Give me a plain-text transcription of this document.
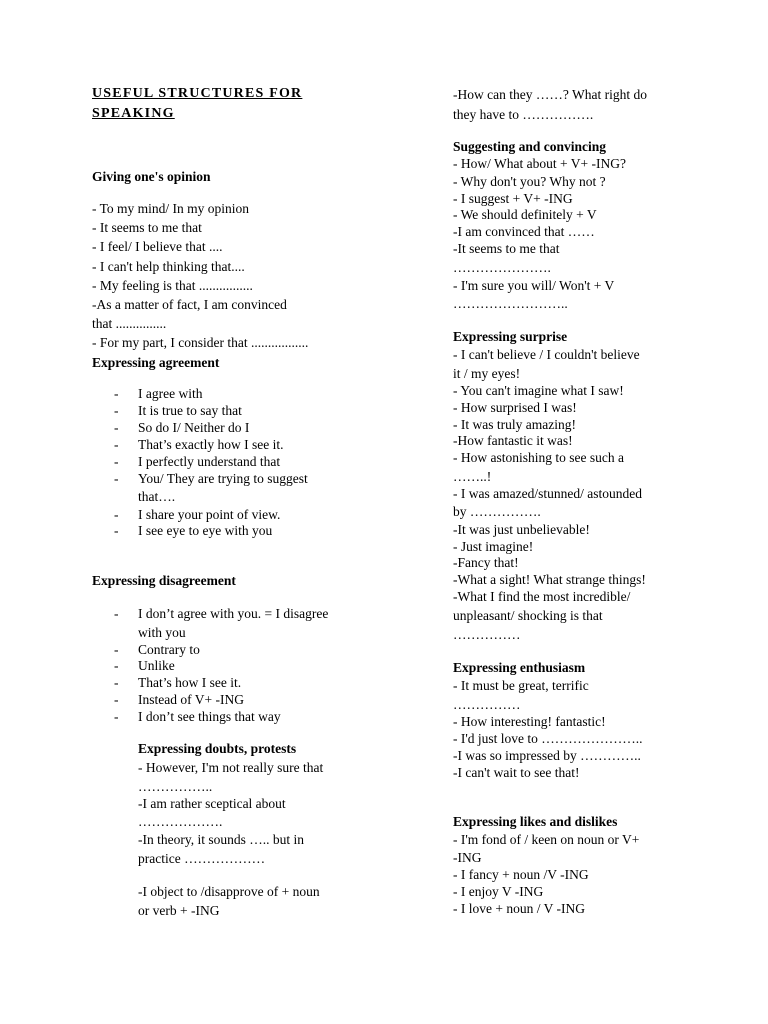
USEFUL STRUCTURES FOR
SPEAKING
Giving one's opinion
- To my mind/ In my opinion
- It seems to me that
- I feel/ I believe that ....
- I can't help thinking that....
- My feeling is that ................
-As a matter of fact, I am convinced
that ...............
- For my part, I consider that .................
Expressing agreement
- I agree with
- It is true to say that
- So do I/ Neither do I
- That’s exactly how I see it.
- I perfectly understand that
- You/ They are trying to suggest
that….
- I share your point of view.
- I see eye to eye with you
Expressing disagreement
- I don’t agree with you. = I disagree
with you
- Contrary to
- Unlike
- That’s how I see it.
- Instead of V+ -ING
- I don’t see things that way
Expressing doubts, protests
- However, I'm not really sure that
……………..
-I am rather sceptical about
……………….
-In theory, it sounds ….. but in
practice ………………
-I object to /disapprove of + noun
or verb + -ING
-How can they ……? What right do
they have to …………….
Suggesting and convincing
- How/ What about + V+ -ING?
- Why don't you? Why not ?
- I suggest + V+ -ING
- We should definitely + V
-I am convinced that ……
-It seems to me that
………………….
- I'm sure you will/ Won't + V
……………………..
Expressing surprise
- I can't believe / I couldn't believe
it / my eyes!
- You can't imagine what I saw!
- How surprised I was!
- It was truly amazing!
-How fantastic it was!
- How astonishing to see such a
……..!
- I was amazed/stunned/ astounded
by …………….
-It was just unbelievable!
- Just imagine!
-Fancy that!
-What a sight! What strange things!
-What I find the most incredible/
unpleasant/ shocking is that
……………
Expressing enthusiasm
- It must be great, terrific
……………
- How interesting! fantastic!
- I'd just love to …………………..
-I was so impressed by …………..
-I can't wait to see that!
Expressing likes and dislikes
- I'm fond of / keen on noun or V+
-ING
- I fancy + noun /V -ING
- I enjoy V -ING
- I love + noun / V -ING
